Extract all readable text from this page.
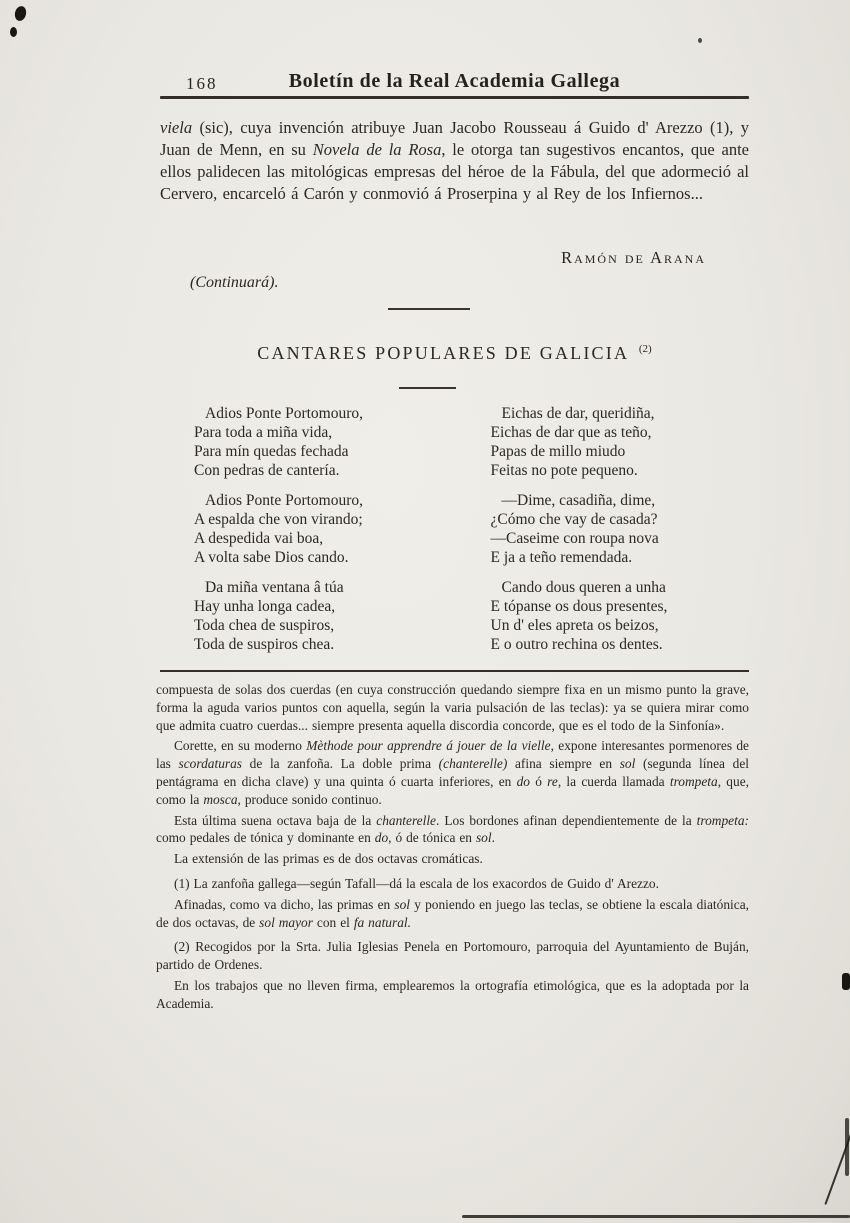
168	Boletín de la Real Academia Gallega

viela (sic), cuya invención atribuye Juan Jacobo Rousseau á Guido d' Arezzo (1), y Juan de Menn, en su Novela de la Rosa, le otorga tan sugestivos encantos, que ante ellos palidecen las mitológicas empresas del héroe de la Fábula, del que adormeció al Cervero, encarceló á Carón y conmovió á Proserpina y al Rey de los Infiernos...

Ramón de Arana
(Continuará).
CANTARES POPULARES DE GALICIA $^{(2)}$
Adios Ponte Portomouro,
Para toda a miña vida,
Para mín quedas fechada
Con pedras de cantería.
Adios Ponte Portomouro,
A espalda che von virando;
A despedida vai boa,
A volta sabe Dios cando.
Da miña ventana â túa
Hay unha longa cadea,
Toda chea de suspiros,
Toda de suspiros chea.
Eichas de dar, queridiña,
Eichas de dar que as teño,
Papas de millo miudo
Feitas no pote pequeno.
—Dime, casadiña, dime,
¿Cómo che vay de casada?
—Caseime con roupa nova
E ja a teño remendada.
Cando dous queren a unha
E tópanse os dous presentes,
Un d' eles apreta os beizos,
E o outro rechina os dentes.

compuesta de solas dos cuerdas (en cuya construcción quedando siempre fixa en un mismo punto la grave, forma la aguda varios puntos con aquella, según la varia pulsación de las teclas): ya se quiera mirar como que admita cuatro cuerdas... siempre presenta aquella discordia concorde, que es el todo de la Sinfonía».

Corette, en su moderno Mèthode pour apprendre á jouer de la vielle, expone interesantes pormenores de las scordaturas de la zanfoña. La doble prima (chanterelle) afina siempre en sol (segunda línea del pentágrama en dicha clave) y una quinta ó cuarta inferiores, en do ó re, la cuerda llamada trompeta, que, como la mosca, produce sonido continuo.

Esta última suena octava baja de la chanterelle. Los bordones afinan dependientemente de la trompeta: como pedales de tónica y dominante en do, ó de tónica en sol.

La extensión de las primas es de dos octavas cromáticas.

(1) La zanfoña gallega—según Tafall—dá la escala de los exacordos de Guido d' Arezzo.

Afinadas, como va dicho, las primas en sol y poniendo en juego las teclas, se obtiene la escala diatónica, de dos octavas, de sol mayor con el fa natural.

(2) Recogidos por la Srta. Julia Iglesias Penela en Portomouro, parroquia del Ayuntamiento de Buján, partido de Ordenes.

En los trabajos que no lleven firma, emplearemos la ortografía etimológica, que es la adoptada por la Academia.
